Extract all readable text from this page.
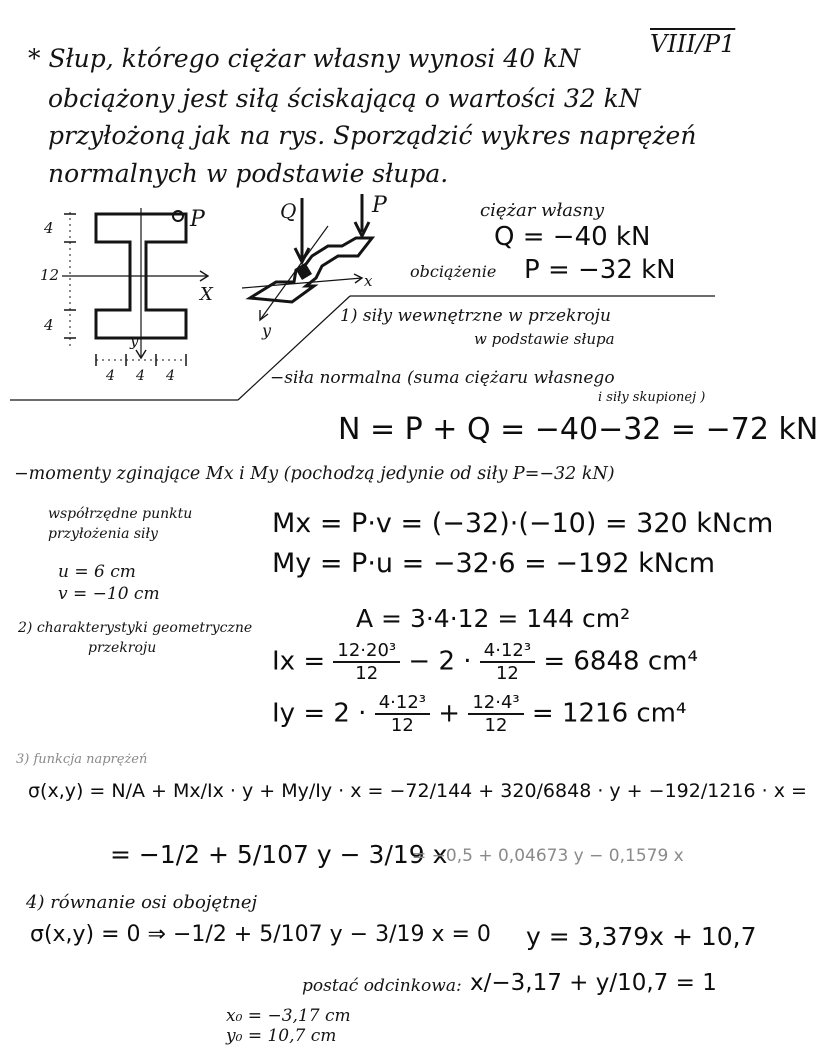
VIII/P1
* Słup, którego ciężar własny wynosi 40 kN
obciążony jest siłą ściskającą o wartości 32 kN
przyłożoną jak na rys. Sporządzić wykres naprężeń
normalnych w podstawie słupa.
4
12
4
4 4 4
P
X
y
Q	P
x
y
ciężar własny
Q = −40 kN
obciążenie P = −32 kN
1) siły wewnętrzne w przekroju
w podstawie słupa
−siła normalna (suma ciężaru własnego
i siły skupionej )
N = P + Q = −40−32 = −72 kN
−momenty zginające Mx i My (pochodzą jedynie od siły P=−32 kN)
współrzędne punktu
przyłożenia siły
u = 6 cm
v = −10 cm
Mx = P·v = (−32)·(−10) = 320 kNcm
My = P·u = −32·6 = −192 kNcm
2) charakterystyki geometryczne
przekroju
A = 3·4·12 = 144 cm²
$Ix = \frac{\text{12·20³}}{12} - 2 \cdot \frac{\text{4·12³}}{12} = 6848$ cm⁴
$Iy = 2 \cdot \frac{\text{4·12³}}{12} + \frac{\text{12·4³}}{12} = 1216$ cm⁴
3) funkcja naprężeń
σ(x,y) = N/A + Mx/Ix · y + My/Iy · x = −72/144 + 320/6848 · y + −192/1216 · x =
= −1/2 + 5/107 y − 3/19 x
= −0,5 + 0,04673 y − 0,1579 x
4) równanie osi obojętnej
σ(x,y) = 0 ⇒ −1/2 + 5/107 y − 3/19 x = 0 y = 3,379x + 10,7
postać odcinkowa: x/−3,17 + y/10,7 = 1
x₀ = −3,17 cm
y₀ = 10,7 cm
